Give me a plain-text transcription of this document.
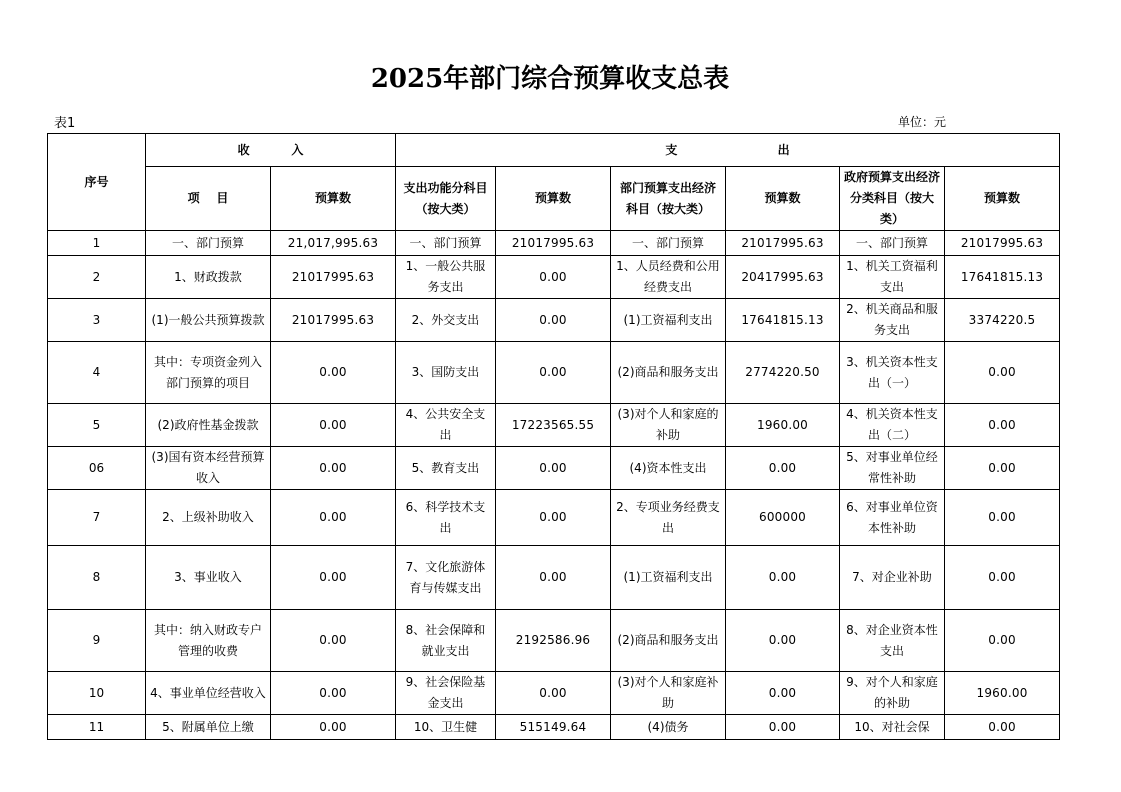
2025年部门综合预算收支总表
表1	单位：元
序号	收          入		支                        出					
	项    目	预算数	支出功能分科目（按大类）	预算数	部门预算支出经济科目（按大类）	预算数	政府预算支出经济分类科目（按大类）	预算数
1	一、部门预算	21,017,995.63	一、部门预算	21017995.63	一、部门预算	21017995.63	一、部门预算	21017995.63
2	1、财政拨款	21017995.63	1、一般公共服务支出	0.00	1、人员经费和公用经费支出	20417995.63	1、机关工资福利支出	17641815.13
3	(1)一般公共预算拨款	21017995.63	2、外交支出	0.00	(1)工资福利支出	17641815.13	2、机关商品和服务支出	3374220.5
4	其中：专项资金列入部门预算的项目	0.00	3、国防支出	0.00	(2)商品和服务支出	2774220.50	3、机关资本性支出（一）	0.00
5	(2)政府性基金拨款	0.00	4、公共安全支出	17223565.55	(3)对个人和家庭的补助	1960.00	4、机关资本性支出（二）	0.00
06	(3)国有资本经营预算收入	0.00	5、教育支出	0.00	(4)资本性支出	0.00	5、对事业单位经常性补助	0.00
7	2、上级补助收入	0.00	6、科学技术支出	0.00	2、专项业务经费支出	600000	6、对事业单位资本性补助	0.00
8	3、事业收入	0.00	7、文化旅游体育与传媒支出	0.00	(1)工资福利支出	0.00	7、对企业补助	0.00
9	其中：纳入财政专户管理的收费	0.00	8、社会保障和就业支出	2192586.96	(2)商品和服务支出	0.00	8、对企业资本性支出	0.00
10	4、事业单位经营收入	0.00	9、社会保险基金支出	0.00	(3)对个人和家庭补助	0.00	9、对个人和家庭的补助	1960.00
11	5、附属单位上缴	0.00	10、卫生健	515149.64	(4)债务	0.00	10、对社会保	0.00
